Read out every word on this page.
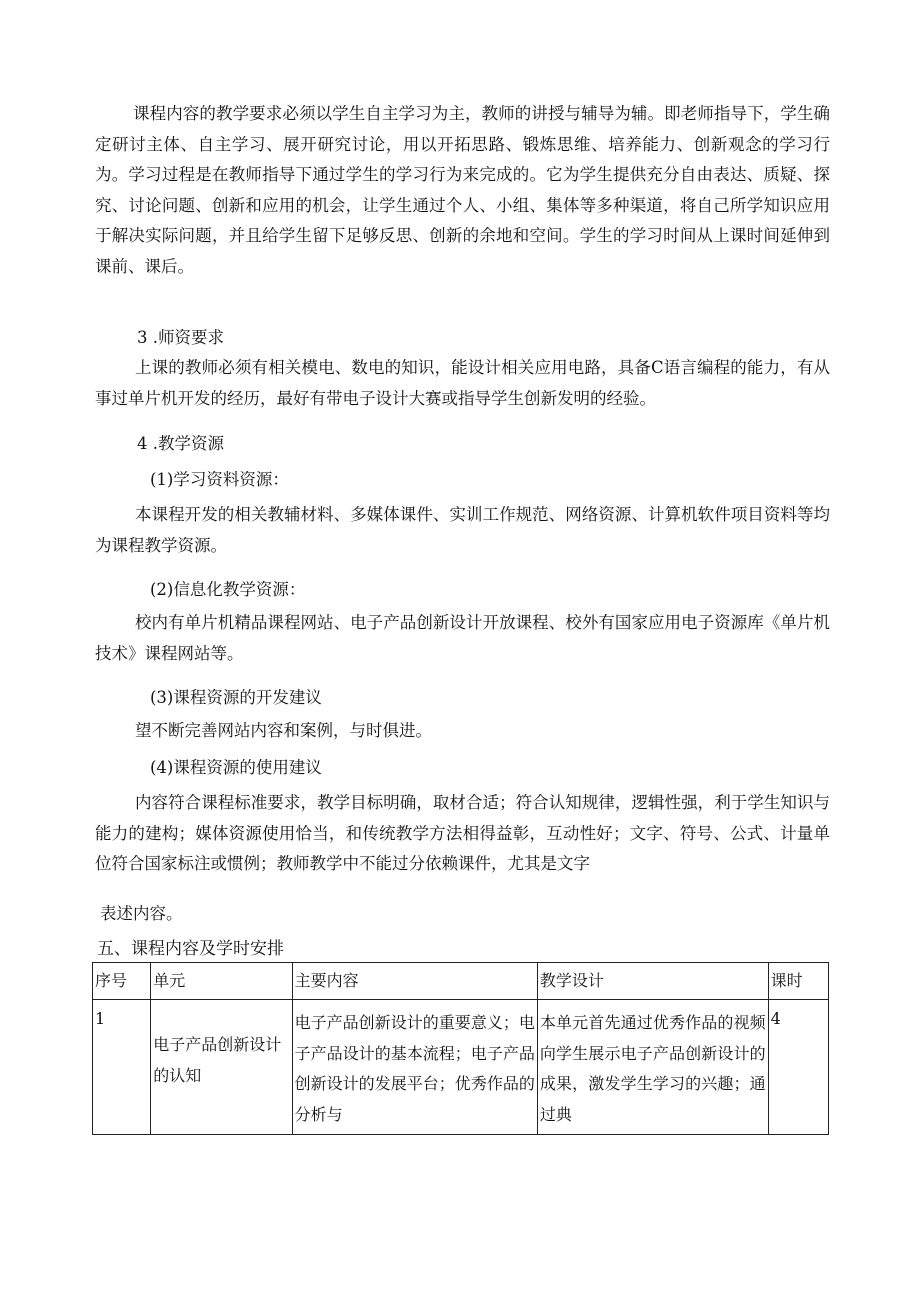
课程内容的教学要求必须以学生自主学习为主，教师的讲授与辅导为辅。即老师指导下，学生确定研讨主体、自主学习、展开研究讨论，用以开拓思路、锻炼思维、培养能力、创新观念的学习行为。学习过程是在教师指导下通过学生的学习行为来完成的。它为学生提供充分自由表达、质疑、探究、讨论问题、创新和应用的机会，让学生通过个人、小组、集体等多种渠道，将自己所学知识应用于解决实际问题，并且给学生留下足够反思、创新的余地和空间。学生的学习时间从上课时间延伸到课前、课后。

3 .师资要求

上课的教师必须有相关模电、数电的知识，能设计相关应用电路，具备C语言编程的能力，有从事过单片机开发的经历，最好有带电子设计大赛或指导学生创新发明的经验。

4 .教学资源

(1)学习资料资源：

本课程开发的相关教辅材料、多媒体课件、实训工作规范、网络资源、计算机软件项目资料等均为课程教学资源。

(2)信息化教学资源：

校内有单片机精品课程网站、电子产品创新设计开放课程、校外有国家应用电子资源库《单片机技术》课程网站等。

(3)课程资源的开发建议

望不断完善网站内容和案例，与时俱进。

(4)课程资源的使用建议

内容符合课程标准要求，教学目标明确，取材合适；符合认知规律，逻辑性强，利于学生知识与能力的建构；媒体资源使用恰当，和传统教学方法相得益彰，互动性好；文字、符号、公式、计量单位符合国家标注或惯例；教师教学中不能过分依赖课件，尤其是文字

表述内容。

五、课程内容及学时安排

序号	单元	主要内容	教学设计	课时
1	电子产品创新设计的认知	电子产品创新设计的重要意义；电子产品设计的基本流程；电子产品创新设计的发展平台；优秀作品的分析与	本单元首先通过优秀作品的视频向学生展示电子产品创新设计的成果，激发学生学习的兴趣；通过典	4
